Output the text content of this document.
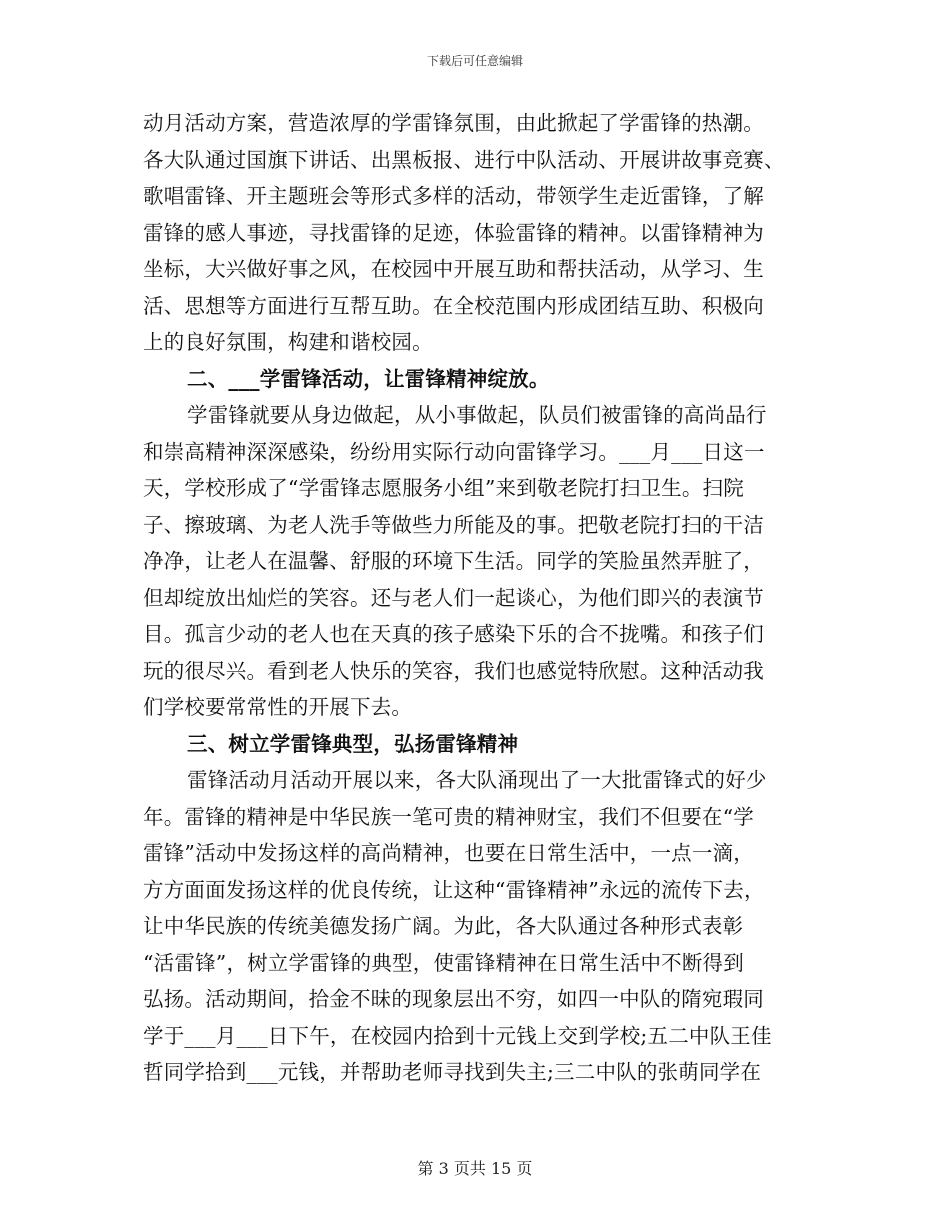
下载后可任意编辑
动月活动方案，营造浓厚的学雷锋氛围，由此掀起了学雷锋的热潮。
各大队通过国旗下讲话、出黑板报、进行中队活动、开展讲故事竞赛、
歌唱雷锋、开主题班会等形式多样的活动，带领学生走近雷锋，了解
雷锋的感人事迹，寻找雷锋的足迹，体验雷锋的精神。以雷锋精神为
坐标，大兴做好事之风，在校园中开展互助和帮扶活动，从学习、生
活、思想等方面进行互帮互助。在全校范围内形成团结互助、积极向
上的良好氛围，构建和谐校园。
二、___学雷锋活动，让雷锋精神绽放。
学雷锋就要从身边做起，从小事做起，队员们被雷锋的高尚品行
和崇高精神深深感染，纷纷用实际行动向雷锋学习。___月___日这一
天，学校形成了“学雷锋志愿服务小组”来到敬老院打扫卫生。扫院
子、擦玻璃、为老人洗手等做些力所能及的事。把敬老院打扫的干洁
净净，让老人在温馨、舒服的环境下生活。同学的笑脸虽然弄脏了，
但却绽放出灿烂的笑容。还与老人们一起谈心，为他们即兴的表演节
目。孤言少动的老人也在天真的孩子感染下乐的合不拢嘴。和孩子们
玩的很尽兴。看到老人快乐的笑容，我们也感觉特欣慰。这种活动我
们学校要常常性的开展下去。
三、树立学雷锋典型，弘扬雷锋精神
雷锋活动月活动开展以来，各大队涌现出了一大批雷锋式的好少
年。雷锋的精神是中华民族一笔可贵的精神财宝，我们不但要在“学
雷锋”活动中发扬这样的高尚精神，也要在日常生活中，一点一滴，
方方面面发扬这样的优良传统，让这种“雷锋精神”永远的流传下去，
让中华民族的传统美德发扬广阔。为此，各大队通过各种形式表彰
“活雷锋”，树立学雷锋的典型，使雷锋精神在日常生活中不断得到
弘扬。活动期间，拾金不昧的现象层出不穷，如四一中队的隋宛瑕同
学于___月___日下午，在校园内拾到十元钱上交到学校;五二中队王佳
哲同学拾到___元钱，并帮助老师寻找到失主;三二中队的张萌同学在
第 3 页共 15 页
